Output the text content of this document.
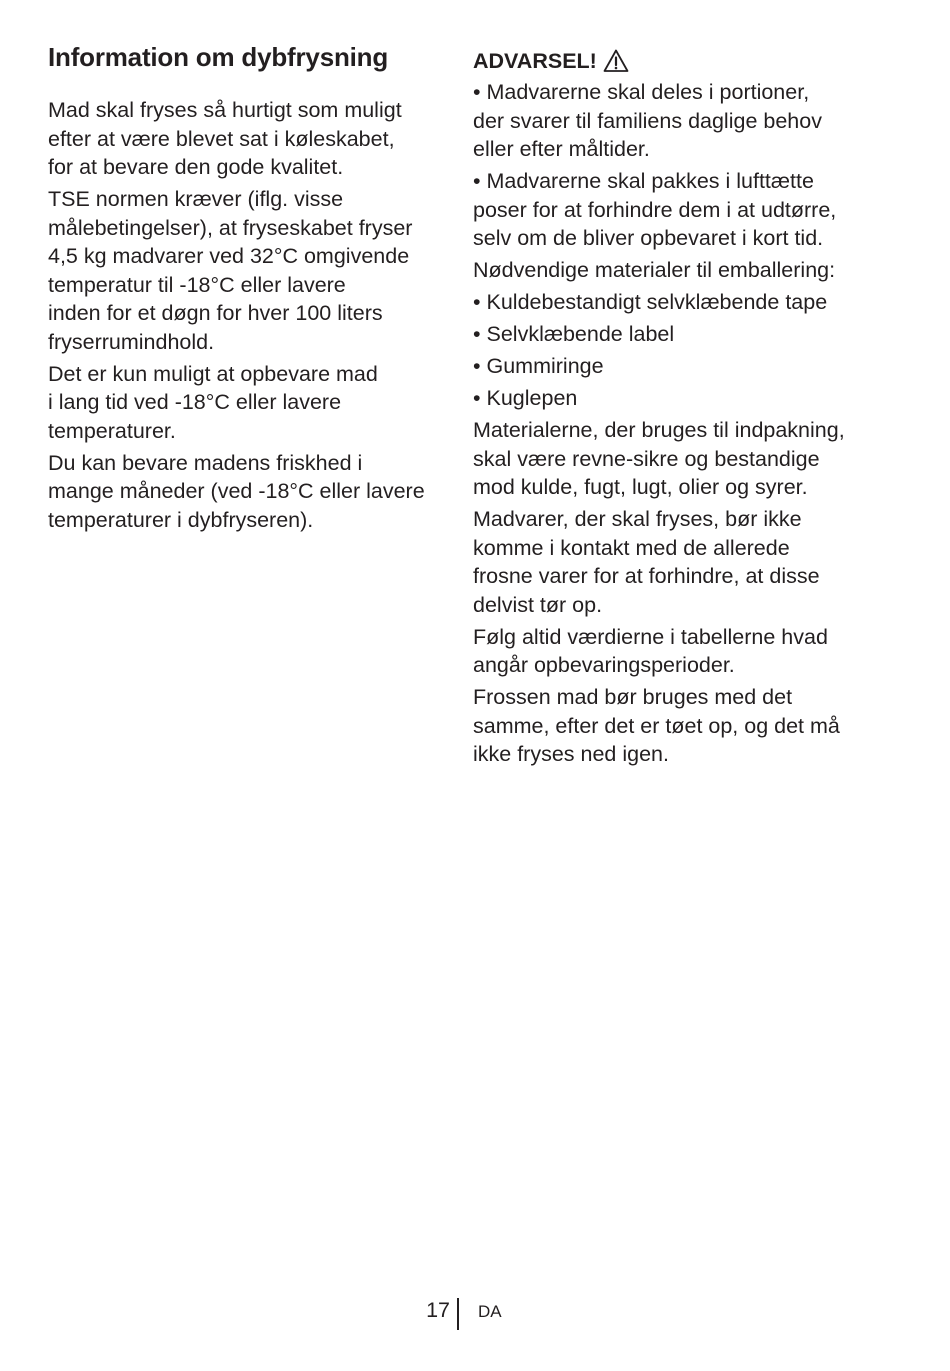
Information om dybfrysning

Mad skal fryses så hurtigt som muligt
efter at være blevet sat i køleskabet,
for at bevare den gode kvalitet.

TSE normen kræver (iflg. visse
målebetingelser), at fryseskabet fryser
4,5 kg madvarer ved 32°C omgivende
temperatur til -18°C eller lavere
inden for et døgn for hver 100 liters
fryserrumindhold.

Det er kun muligt at opbevare mad
i lang tid ved -18°C eller lavere
temperaturer.

Du kan bevare madens friskhed i
mange måneder (ved -18°C eller lavere
temperaturer i dybfryseren).

ADVARSEL!

• Madvarerne skal deles i portioner,
der svarer til familiens daglige behov
eller efter måltider.

• Madvarerne skal pakkes i lufttætte
poser for at forhindre dem i at udtørre,
selv om de bliver opbevaret i kort tid.

Nødvendige materialer til emballering:

• Kuldebestandigt selvklæbende tape

• Selvklæbende label

• Gummiringe

• Kuglepen

Materialerne, der bruges til indpakning,
skal være revne-sikre og bestandige
mod kulde, fugt, lugt, olier og syrer.

Madvarer, der skal fryses, bør ikke
komme i kontakt med de allerede
frosne varer for at forhindre, at disse
delvist tør op.

Følg altid værdierne i tabellerne hvad
angår opbevaringsperioder.

Frossen mad bør bruges med det
samme, efter det er tøet op, og det må
ikke fryses ned igen.

17 DA
